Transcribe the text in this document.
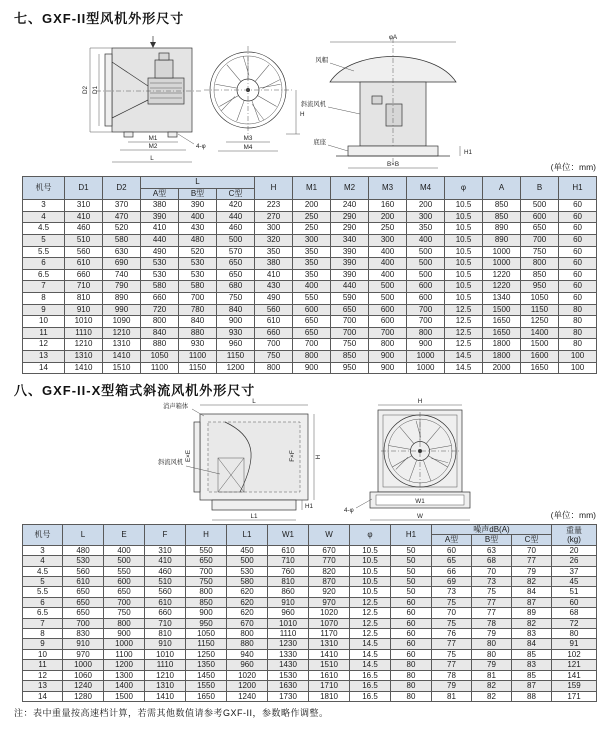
七、GXF-II型风机外形尺寸
D2 D1
M1
M2
L
4-φ
M3
M4
H
φA
B×B
H1
风帽
斜流风机
底座
(单位：mm)
机号	D1	D2	L			H	M1	M2	M3	M4	φ	A	B	H1
			A型	B型	C型									
3	310	370	380	390	420	223	200	240	160	200	10.5	850	500	60
4	410	470	390	400	440	270	250	290	200	300	10.5	850	600	60
4.5	460	520	410	430	460	300	250	290	250	350	10.5	890	650	60
5	510	580	440	480	500	320	300	340	300	400	10.5	890	700	60
5.5	560	630	490	520	570	350	350	390	400	500	10.5	1000	750	60
6	610	690	530	530	650	380	350	390	400	500	10.5	1000	800	60
6.5	660	740	530	530	650	410	350	390	400	500	10.5	1220	850	60
7	710	790	580	580	680	430	400	440	500	600	10.5	1220	950	60
8	810	890	660	700	750	490	550	590	500	600	10.5	1340	1050	60
9	910	990	720	780	840	560	600	650	600	700	12.5	1500	1150	80
10	1010	1090	800	840	900	610	650	700	600	700	12.5	1650	1250	80
11	1110	1210	840	880	930	660	650	700	700	800	12.5	1650	1400	80
12	1210	1310	880	930	960	700	700	750	800	900	12.5	1800	1500	80
13	1310	1410	1050	1100	1150	750	800	850	900	1000	14.5	1800	1600	100
14	1410	1510	1100	1150	1200	800	900	950	900	1000	14.5	2000	1650	100
八、GXF-II-X型箱式斜流风机外形尺寸
L
消声箱体
斜流风机
E×E	F×F	H
L1
H1
H
W1
W
4-φ	(单位：mm)
机号	L	E	F	H	L1	W1	W	φ	H1	噪声dB(A)			重量
(kg)

										A型	B型	C型	
3	480	400	310	550	450	610	670	10.5	50	60	63	70	20
4	530	500	410	650	500	710	770	10.5	50	65	68	77	26
4.5	560	550	460	700	530	760	820	10.5	50	66	70	79	37
5	610	600	510	750	580	810	870	10.5	50	69	73	82	45
5.5	650	650	560	800	620	860	920	10.5	50	73	75	84	51
6	650	700	610	850	620	910	970	12.5	60	75	77	87	60
6.5	650	750	660	900	620	960	1020	12.5	60	70	77	89	68
7	700	800	710	950	670	1010	1070	12.5	60	75	78	82	72
8	830	900	810	1050	800	1110	1170	12.5	60	76	79	83	80
9	910	1000	910	1150	880	1230	1310	14.5	60	77	80	84	91
10	970	1100	1010	1250	940	1330	1410	14.5	60	75	80	85	102
11	1000	1200	1110	1350	960	1430	1510	14.5	80	77	79	83	121
12	1060	1300	1210	1450	1020	1530	1610	16.5	80	78	81	85	141
13	1240	1400	1310	1550	1200	1630	1710	16.5	80	79	82	87	159
14	1280	1500	1410	1650	1240	1730	1810	16.5	80	81	82	88	171
注：表中重量按高速档计算，若需其他数值请参考GXF-II，参数略作调整。
